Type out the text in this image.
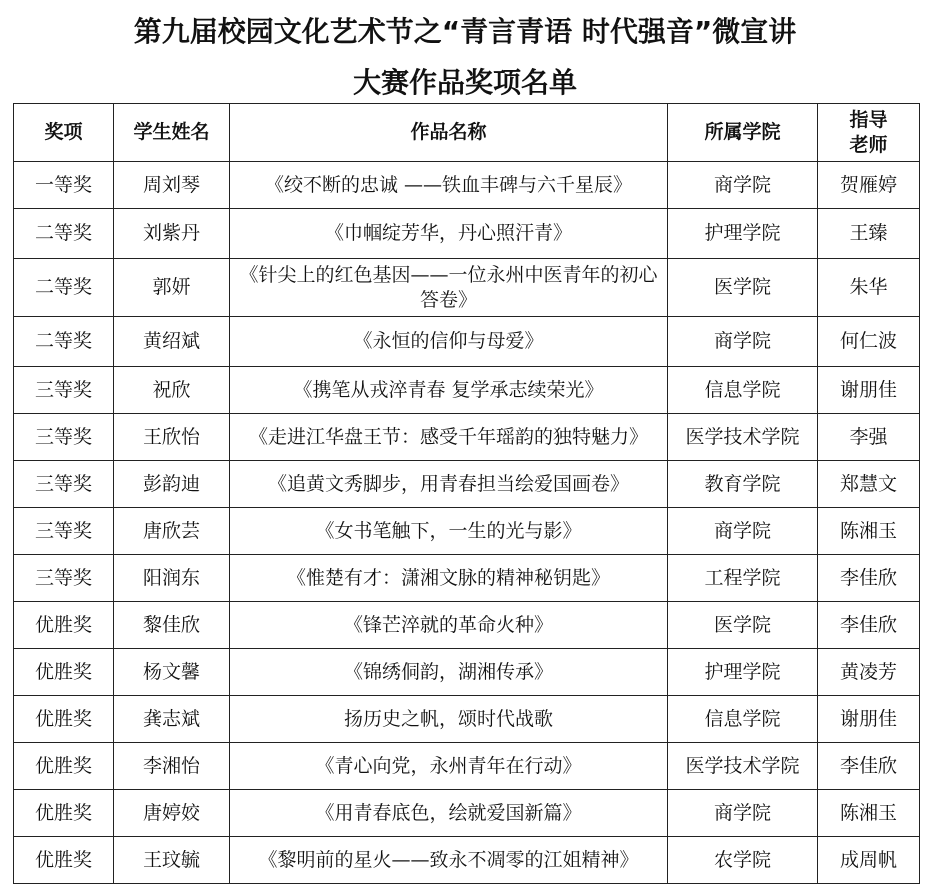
第九届校园文化艺术节之“青言青语 时代强音”微宣讲
大赛作品奖项名单
奖项	学生姓名	作品名称	所属学院	指导
老师
一等奖	周刘琴	《绞不断的忠诚 ——铁血丰碑与六千星辰》	商学院	贺雁婷
二等奖	刘紫丹	《巾帼绽芳华，丹心照汗青》	护理学院	王臻
二等奖	郭妍	《针尖上的红色基因——一位永州中医青年的初心答卷》	医学院	朱华
二等奖	黄绍斌	《永恒的信仰与母爱》	商学院	何仁波
三等奖	祝欣	《携笔从戎淬青春 复学承志续荣光》	信息学院	谢朋佳
三等奖	王欣怡	《走进江华盘王节：感受千年瑶韵的独特魅力》	医学技术学院	李强
三等奖	彭韵迪	《追黄文秀脚步，用青春担当绘爱国画卷》	教育学院	郑慧文
三等奖	唐欣芸	《女书笔触下，一生的光与影》	商学院	陈湘玉
三等奖	阳润东	《惟楚有才：潇湘文脉的精神秘钥匙》	工程学院	李佳欣
优胜奖	黎佳欣	《锋芒淬就的革命火种》	医学院	李佳欣
优胜奖	杨文馨	《锦绣侗韵，湖湘传承》	护理学院	黄凌芳
优胜奖	龚志斌	扬历史之帆，颂时代战歌	信息学院	谢朋佳
优胜奖	李湘怡	《青心向党，永州青年在行动》	医学技术学院	李佳欣
优胜奖	唐婷姣	《用青春底色，绘就爱国新篇》	商学院	陈湘玉
优胜奖	王玟毓	《黎明前的星火——致永不凋零的江姐精神》	农学院	成周帆
